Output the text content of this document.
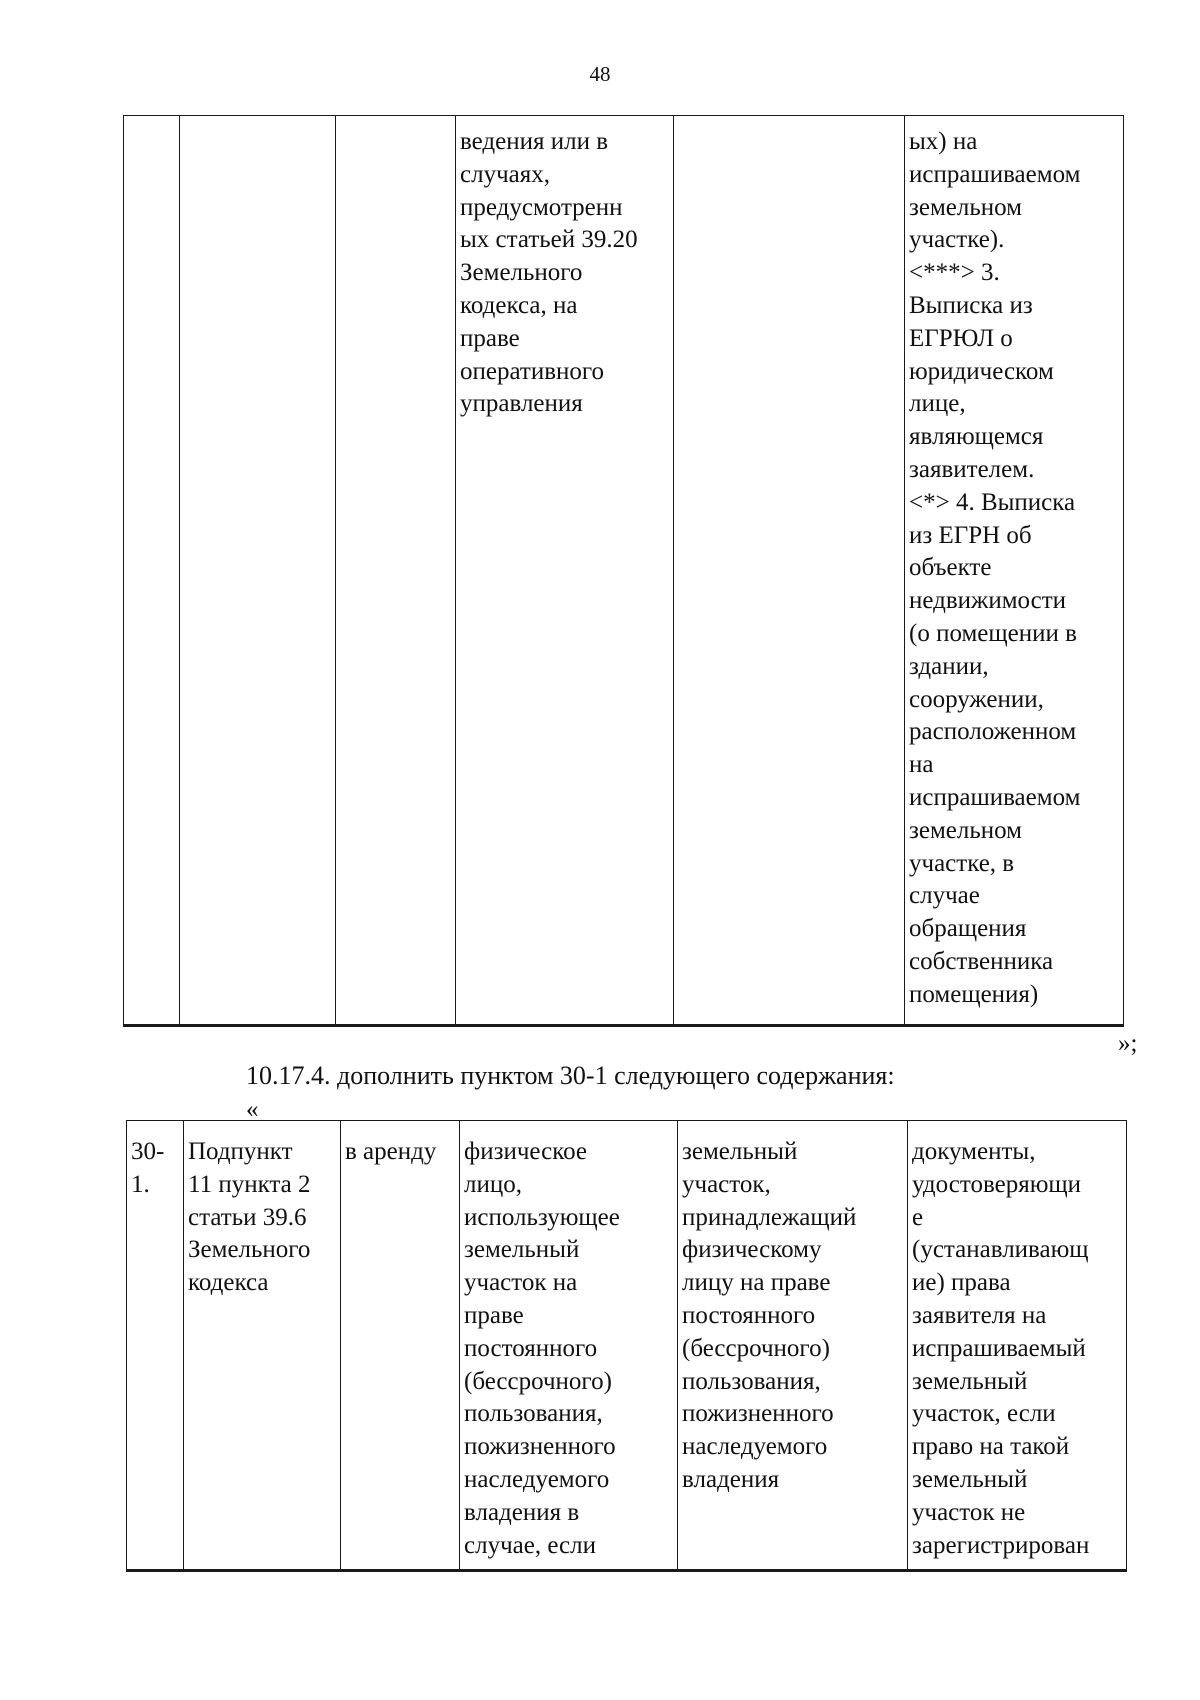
48
			ведения или в
случаях,
предусмотренн
ых статьей 39.20
Земельного
кодекса, на
праве
оперативного
управления		ых) на
испрашиваемом
земельном
участке).
<***> 3.
Выписка из
ЕГРЮЛ о
юридическом
лице,
являющемся
заявителем.
<*> 4. Выписка
из ЕГРН об
объекте
недвижимости
(о помещении в
здании,
сооружении,
расположенном
на
испрашиваемом
земельном
участке, в
случае
обращения
собственника
помещения)
»;
10.17.4. дополнить пунктом 30-1 следующего содержания:
«
30-
1.	Подпункт
11 пункта 2
статьи 39.6
Земельного
кодекса	в аренду	физическое
лицо,
использующее
земельный
участок на
праве
постоянного
(бессрочного)
пользования,
пожизненного
наследуемого
владения в
случае, если	земельный
участок,
принадлежащий
физическому
лицу на праве
постоянного
(бессрочного)
пользования,
пожизненного
наследуемого
владения	документы,
удостоверяющи
е
(устанавливающ
ие) права
заявителя на
испрашиваемый
земельный
участок, если
право на такой
земельный
участок не
зарегистрирован
